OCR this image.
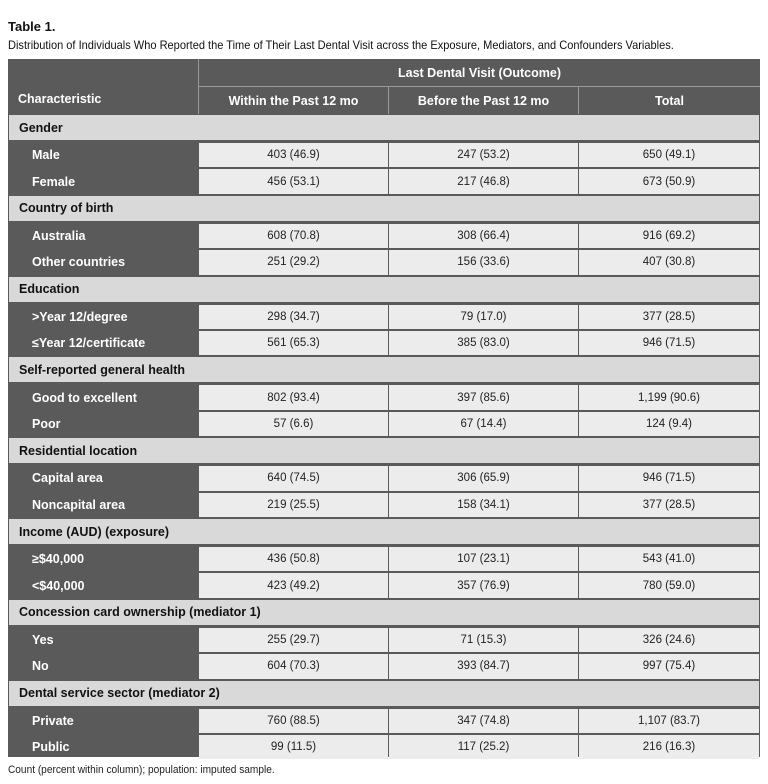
Table 1.
Distribution of Individuals Who Reported the Time of Their Last Dental Visit across the Exposure, Mediators, and Confounders Variables.
Characteristic
Last Dental Visit (Outcome)
Within the Past 12 mo	Before the Past 12 mo	Total
Gender
Male	403 (46.9)	247 (53.2)	650 (49.1)
Female	456 (53.1)	217 (46.8)	673 (50.9)
Country of birth
Australia	608 (70.8)	308 (66.4)	916 (69.2)
Other countries	251 (29.2)	156 (33.6)	407 (30.8)
Education
>Year 12/degree	298 (34.7)	79 (17.0)	377 (28.5)
≤Year 12/certificate	561 (65.3)	385 (83.0)	946 (71.5)
Self-reported general health
Good to excellent	802 (93.4)	397 (85.6)	1,199 (90.6)
Poor	57 (6.6)	67 (14.4)	124 (9.4)
Residential location
Capital area	640 (74.5)	306 (65.9)	946 (71.5)
Noncapital area	219 (25.5)	158 (34.1)	377 (28.5)
Income (AUD) (exposure)
≥$40,000	436 (50.8)	107 (23.1)	543 (41.0)
<$40,000	423 (49.2)	357 (76.9)	780 (59.0)
Concession card ownership (mediator 1)
Yes	255 (29.7)	71 (15.3)	326 (24.6)
No	604 (70.3)	393 (84.7)	997 (75.4)
Dental service sector (mediator 2)
Private	760 (88.5)	347 (74.8)	1,107 (83.7)
Public	99 (11.5)	117 (25.2)	216 (16.3)
Count (percent within column); population: imputed sample.
